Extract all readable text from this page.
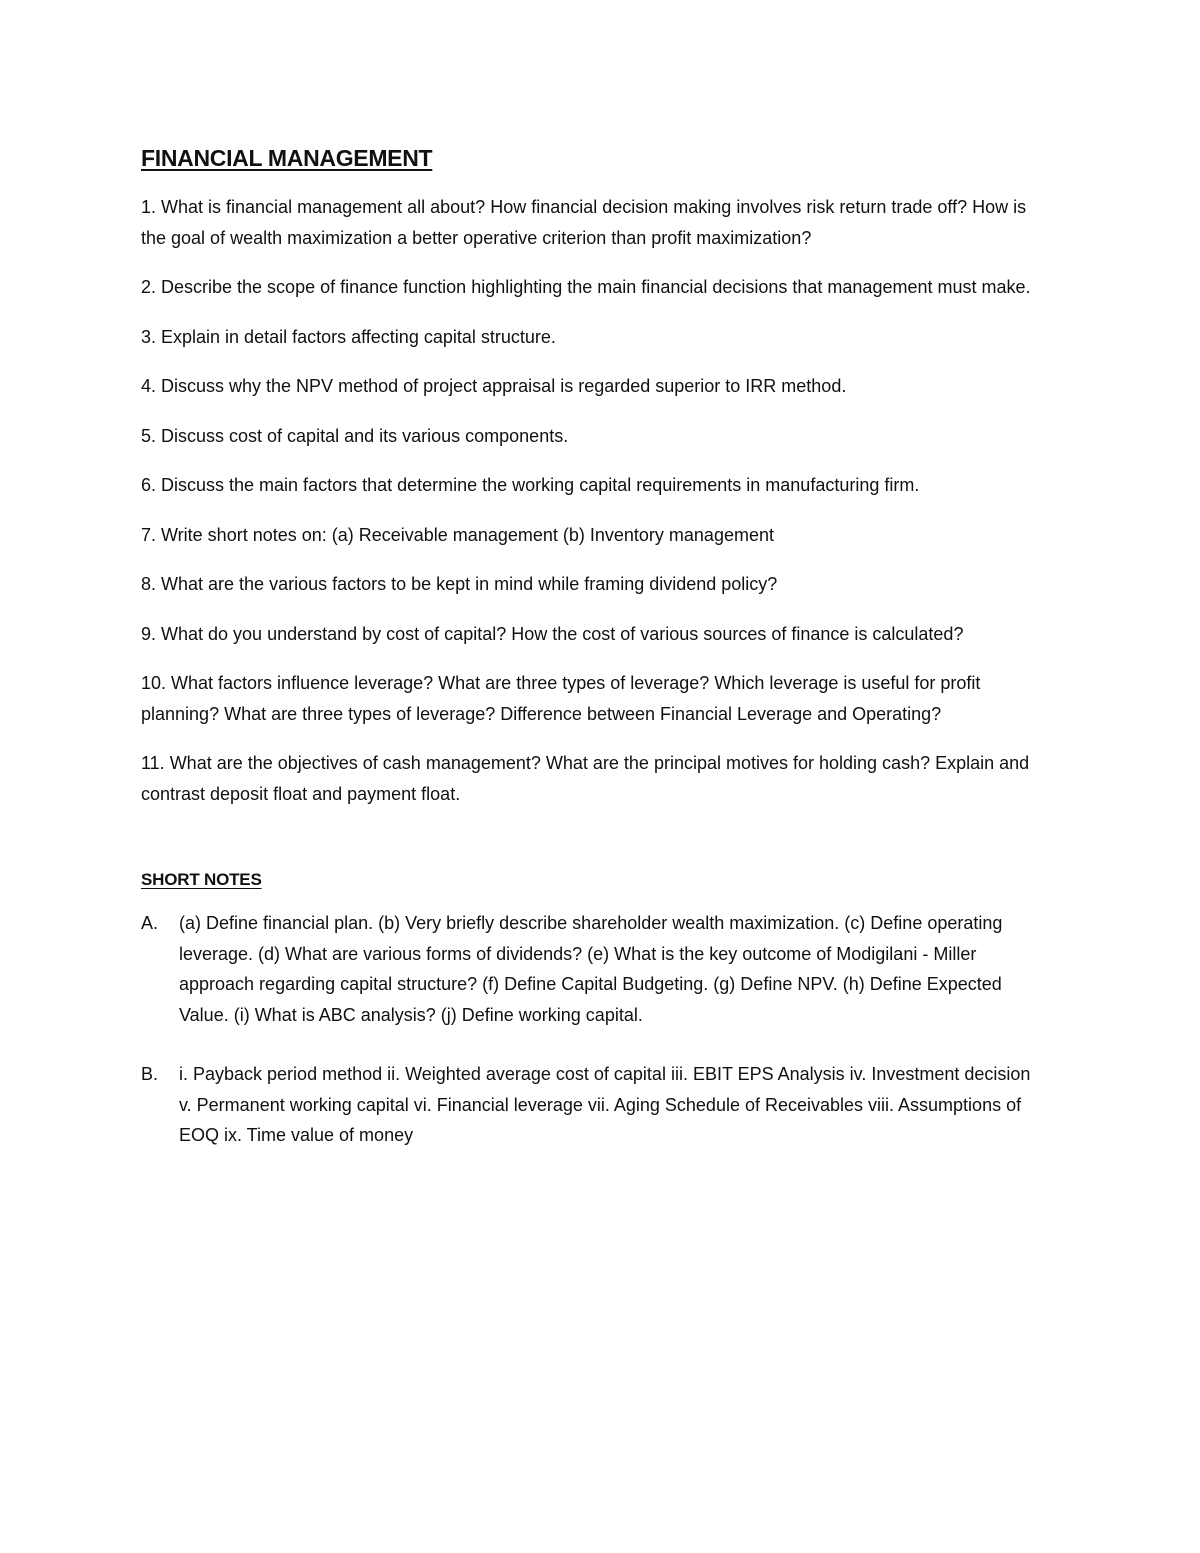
FINANCIAL MANAGEMENT

1. What is financial management all about? How financial decision making involves risk return trade off? How is the goal of wealth maximization a better operative criterion than profit maximization?

2. Describe the scope of finance function highlighting the main financial decisions that management must make.

3. Explain in detail factors affecting capital structure.

4. Discuss why the NPV method of project appraisal is regarded superior to IRR method.

5. Discuss cost of capital and its various components.

6. Discuss the main factors that determine the working capital requirements in manufacturing firm.

7. Write short notes on: (a) Receivable management (b) Inventory management

8. What are the various factors to be kept in mind while framing dividend policy?

9. What do you understand by cost of capital? How the cost of various sources of finance is calculated?

10. What factors influence leverage? What are three types of leverage? Which leverage is useful for profit planning? What are three types of leverage? Difference between Financial Leverage and Operating?

11. What are the objectives of cash management? What are the principal motives for holding cash? Explain and contrast deposit float and payment float.

SHORT NOTES
A.	(a) Define financial plan. (b) Very briefly describe shareholder wealth maximization. (c) Define operating leverage. (d) What are various forms of dividends? (e) What is the key outcome of Modigilani - Miller approach regarding capital structure? (f) Define Capital Budgeting. (g) Define NPV. (h) Define Expected Value. (i) What is ABC analysis? (j) Define working capital.
B.	i. Payback period method ii. Weighted average cost of capital iii. EBIT EPS Analysis iv. Investment decision v. Permanent working capital vi. Financial leverage vii. Aging Schedule of Receivables viii. Assumptions of EOQ ix. Time value of money
